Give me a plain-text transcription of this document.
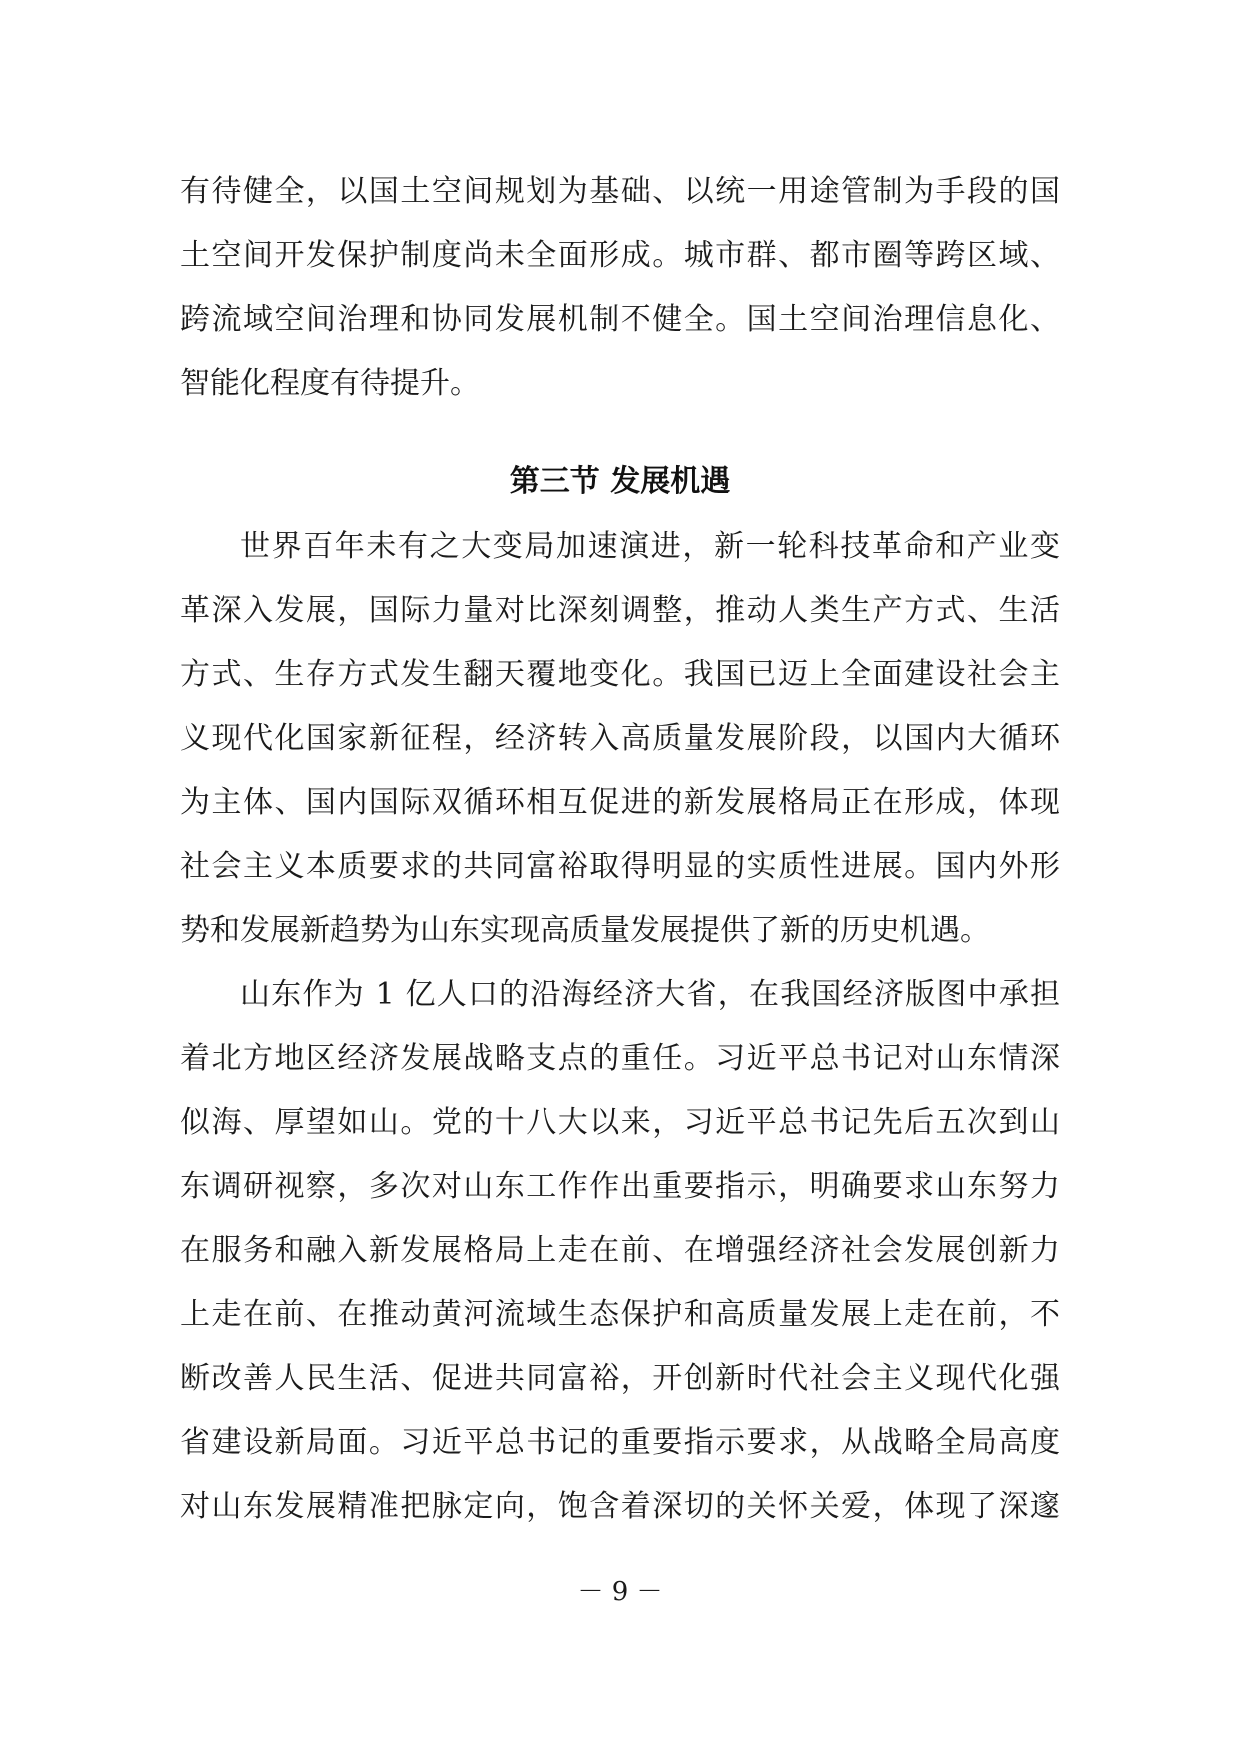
有待健全，以国土空间规划为基础、以统一用途管制为手段的国
土空间开发保护制度尚未全面形成。城市群、都市圈等跨区域、
跨流域空间治理和协同发展机制不健全。国土空间治理信息化、
智能化程度有待提升。
第三节 发展机遇
世界百年未有之大变局加速演进，新一轮科技革命和产业变
革深入发展，国际力量对比深刻调整，推动人类生产方式、生活
方式、生存方式发生翻天覆地变化。我国已迈上全面建设社会主
义现代化国家新征程，经济转入高质量发展阶段，以国内大循环
为主体、国内国际双循环相互促进的新发展格局正在形成，体现
社会主义本质要求的共同富裕取得明显的实质性进展。国内外形
势和发展新趋势为山东实现高质量发展提供了新的历史机遇。
山东作为 1 亿人口的沿海经济大省，在我国经济版图中承担
着北方地区经济发展战略支点的重任。习近平总书记对山东情深
似海、厚望如山。党的十八大以来，习近平总书记先后五次到山
东调研视察，多次对山东工作作出重要指示，明确要求山东努力
在服务和融入新发展格局上走在前、在增强经济社会发展创新力
上走在前、在推动黄河流域生态保护和高质量发展上走在前，不
断改善人民生活、促进共同富裕，开创新时代社会主义现代化强
省建设新局面。习近平总书记的重要指示要求，从战略全局高度
对山东发展精准把脉定向，饱含着深切的关怀关爱，体现了深邃
－ 9 －
